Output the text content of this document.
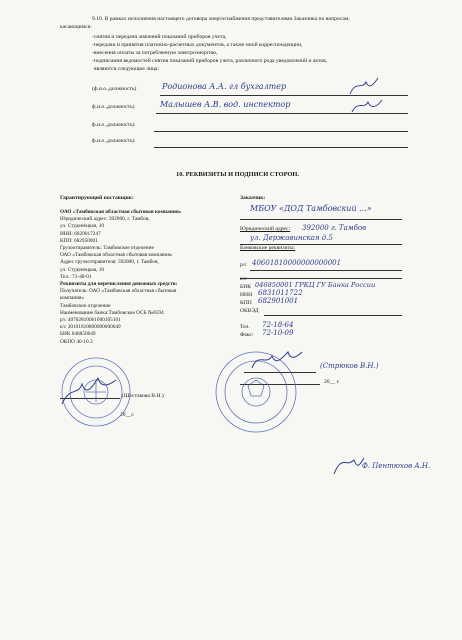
9.10. В рамках исполнения настоящего договора энергоснабжения представителями Заказчика по вопросам,
касающимся:
-снятия и передачи значений показаний приборов учета,
-передачи и принятия платежно-расчетных документов, а также иной корреспонденции,
-внесения оплаты за потребленную электроэнергию,
-подписания ведомостей снятия показаний приборов учета, различного рода уведомлений и актов,
являются следующие лица:
(ф.и.о.,должность)	Родионова А.А. гл бухгалтер
ф.и.о.,должность)	Малышев А.В. вод. инспектор
ф.и.о.,должность)
ф.и.о.,должность)
10. РЕКВИЗИТЫ И ПОДПИСИ СТОРОН.
Гарантирующий поставщик:
ОАО «Тамбовская областная сбытовая компания»
Юридический адрес: 392000, г. Тамбов,
ул. Студенецкая, 10
ИНН: 6829017247
КПП: 682950001
Грузоотправитель: Тамбовское отделение
ОАО «Тамбовская областная сбытовая компания»
Адрес грузоотправителя: 392000, г. Тамбов,
ул. Студенецкая, 10
Тел.: 71-48-01
Реквизиты для перечисления денежных средств:
Получатель: ОАО «Тамбовская областная сбытовая
компания»
Тамбовское отделение
Наименование банка:Тамбовское ОСБ №8594
р/с 40702810061000105101
к/с 30101810800000000649
БИК 046850649
ОКПО 40-10.3
Заказчик:
МБОУ «ДОД Тамбовский ...»
Юридический адрес: 392000 г. Тамбов
ул. Державинская д.5
Банковские реквизиты:
р/с 40601810000000000001
к/с
БИК 046850001 ГРКЦ ГУ Банка России
ИНН 6831011722
КПП 682901001
ОКВЭД
Тел. 72-18-64
Факс: 72-10-09
(Стрюков В.Н.)
20__ г.
(Шестакова В.Н.)
20__г.
Ф. Пентюхов А.Н.
